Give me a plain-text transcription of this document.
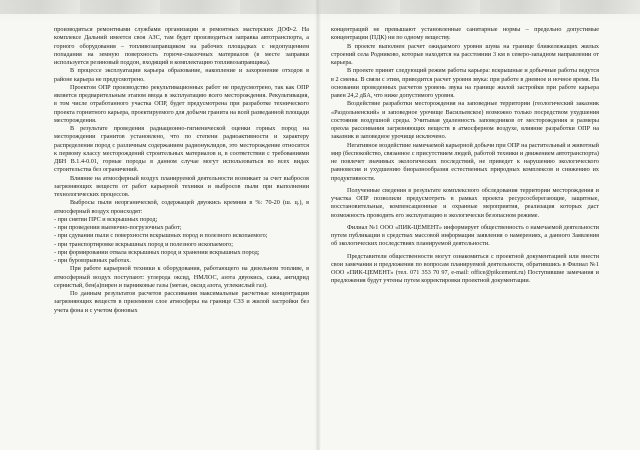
производиться ремонтными службами организации в ремонтных мастерских ДОФ-2. На комплексе Дальний имеется своя АЗС, там будет производиться заправка автотранспорта, а горного оборудования – топливозаправщиком на рабочих площадках с недопущением попадания на земную поверхность горюче-смазочных материалов (в месте заправки используется резиновый поддон, входящий в комплектацию топливозаправщика).

В процессе эксплуатации карьера образование, накопление и захоронение отходов в районе карьера не предусмотрено.

Проектом ОПР производство рекультивационных работ не предусмотрено, так как ОПР является предварительным этапом ввода в эксплуатацию всего месторождения. Рекультивация, в том числе отработанного участка ОПР, будет предусмотрена при разработке технического проекта горнитного карьера, проектируемого для добычи гранита на всей разведанной площади месторождения.

В результате проведения радиационно-гигиенической оценки горных пород на месторождении гранитов установлено, что по степени радиоактивности и характеру распределения пород с различным содержанием радионуклидов, это месторождение относится к первому классу месторождений строительных материалов и, в соответствии с требованиями ДБН В.1.4-0.01, горные породы в данном случае могут использоваться во всех видах строительства без ограничений.

Влияние на атмосферный воздух планируемой деятельности возникает за счет выбросов загрязняющих веществ от работ карьерной техники и выбросов пыли при выполнении технологических процессов.

Выбросы пыли неорганической, содержащей двуокись кремния в %: 70-20 (ш. ц.), в атмосферный воздух происходят:

- при снятии ПРС и вскрышных пород;
- при проведении выемочно-погрузочных работ;
- при сдувании пыли с поверхности вскрышных пород и полезного ископаемого;
- при транспортировке вскрышных пород и полезного ископаемого;
- при формировании отвала вскрышных пород и хранении вскрышных пород;
- при буровзрывных работах.

При работе карьерной техники к оборудования, работающего на дизельном топливе, в атмосферный воздух поступают: углерода оксид, НМЛОС, азота двуокись, сажа, ангидрид сернистый, бен(а)пирен и парниковые газы (метан, оксид азота, углекислый газ).

По данным результатов расчетов рассеивания максимальные расчетные концентрации загрязняющих веществ в приземном слое атмосферы на границе СЗЗ и жилой застройки без учета фона и с учетом фоновых

концентраций не превышают установленные санитарные нормы – предельно допустимые концентрации (ПДК) ни по одному веществу.

В проекте выполнен расчет ожидаемого уровня шума на границе ближележащих жилых строений села Родниково, которые находятся на расстоянии 3 км в северо-западном направлении от карьера.

В проекте принят следующий режим работы карьера: вскрышные и добычные работы ведутся в 2 смены. В связи с этим, приводится расчет уровня звука: при работе в дневное и ночное время. На основании проведенных расчетов уровень звука на границе жилой застройки при работе карьера равен 24,2 дБА, что ниже допустимого уровня.

Воздействие разработки месторождения на заповедные территории (геологический заказник «Раздольненский» и заповедное урочище Васильевское) возможно только посредством ухудшения состояния воздушной среды. Учитывая удаленность заповедников от месторождения и размеры ореола рассеивания загрязняющих веществ в атмосферном воздухе, влияние разработки ОПР на заказник и заповедное урочище исключено.

Негативное воздействие намечаемой карьерной добычи при ОПР на растительный и животный мир (беспокойство, связанное с присутствием людей, работой техники и движением автотранспорта) не повлечет значимых экологических последствий, не приведет к нарушению экологического равновесия и ухудшению биоразнообразия естественных природных комплексов и снижению их продуктивности.

Полученные сведения в результате комплексного обследования территории месторождения и участка ОПР позволили предусмотреть в рамках проекта ресурсосберегающие, защитные, восстановительные, компенсационные и охранные мероприятия, реализация которых даст возможность проводить его эксплуатацию в экологически безопасном режиме.

Филиал №1 ООО «ПИК-ЦЕМЕНТ» информирует общественность о намечаемой деятельности путем публикации в средствах массовой информации заявления о намерениях, а данного Заявления об экологических последствиях планируемой деятельности.

Представители общественности могут ознакомиться с проектной документацией или внести свои замечания и предложения по вопросам планируемой деятельности, обратившись в Филиал №1 ООО «ПИК-ЦЕМЕНТ» (тел. 071 353 70 97, e-mail: office@pikcement.ru) Поступившие замечания и предложения будут учтены путем корректировки проектной документации.
